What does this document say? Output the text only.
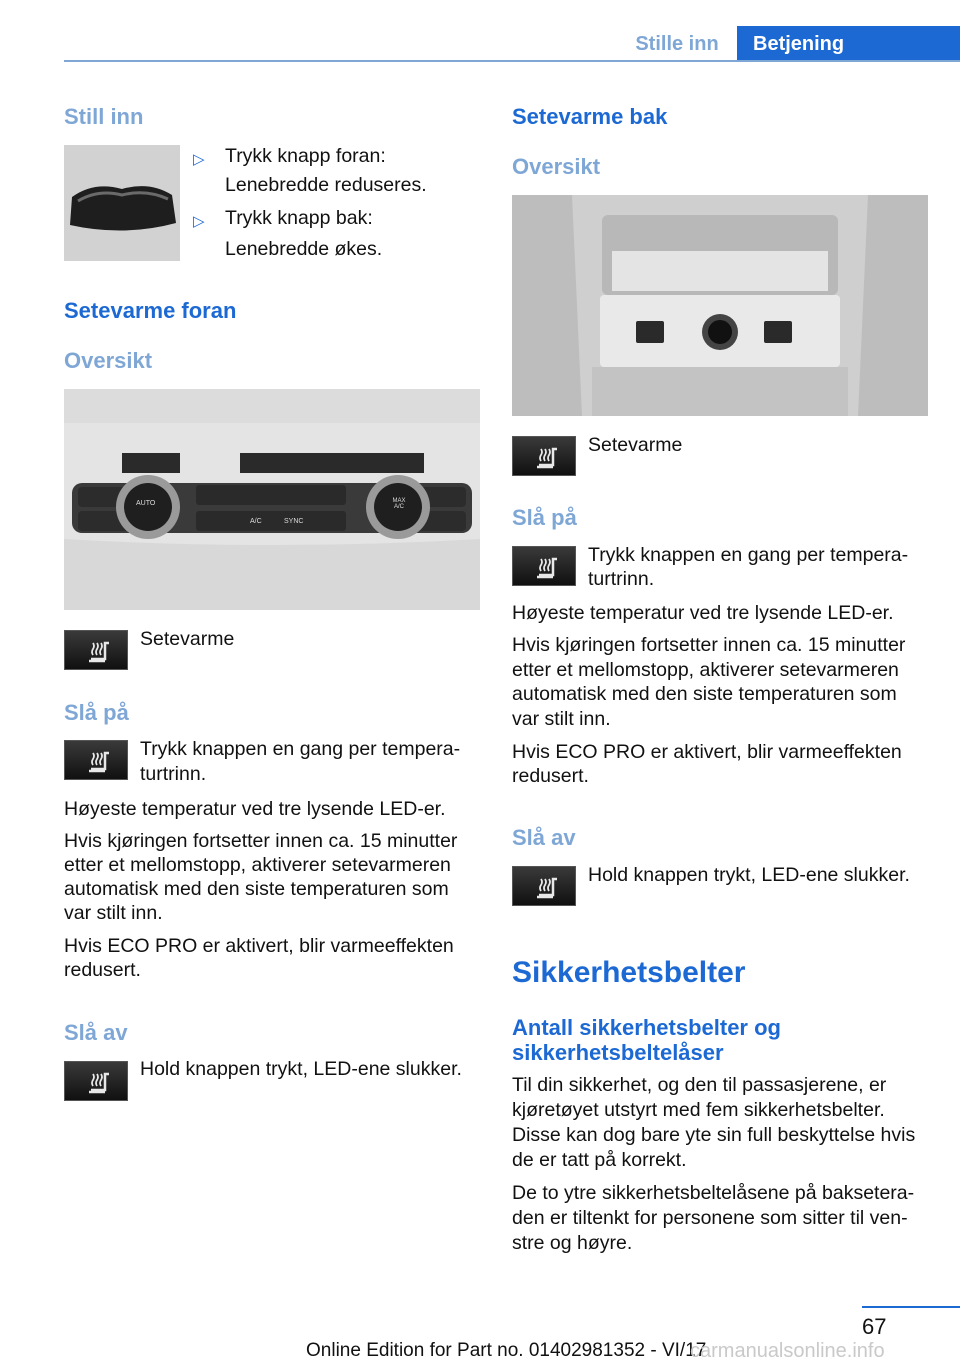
Stille inn	Betjening
Still inn
▷ Trykk knapp foran:
Lenebredde reduseres.
▷ Trykk knapp bak:
Lenebredde økes.
Setevarme foran
Oversikt
AUTO	MAX A/C
A/C	SYNC
Setevarme
Slå på
Trykk knappen en gang per tempera-
turtrinn.
Høyeste temperatur ved tre lysende LED-er.
Hvis kjøringen fortsetter innen ca. 15 minutter
etter et mellomstopp, aktiverer setevarmeren
automatisk med den siste temperaturen som
var stilt inn.
Hvis ECO PRO er aktivert, blir varmeeffekten
redusert.
Slå av
Hold knappen trykt, LED-ene slukker.
Setevarme bak
Oversikt
Setevarme
Slå på
Trykk knappen en gang per tempera-
turtrinn.
Høyeste temperatur ved tre lysende LED-er.
Hvis kjøringen fortsetter innen ca. 15 minutter
etter et mellomstopp, aktiverer setevarmeren
automatisk med den siste temperaturen som
var stilt inn.
Hvis ECO PRO er aktivert, blir varmeeffekten
redusert.
Slå av
Hold knappen trykt, LED-ene slukker.
Sikkerhetsbelter
Antall sikkerhetsbelter og
sikkerhetsbeltelåser
Til din sikkerhet, og den til passasjerene, er
kjøretøyet utstyrt med fem sikkerhetsbelter.
Disse kan dog bare yte sin full beskyttelse hvis
de er tatt på korrekt.
De to ytre sikkerhetsbeltelåsene på baksetera-
den er tiltenkt for personene som sitter til ven-
stre og høyre.
67
Online Edition for Part no. 01402981352 - VI/17
carmanualsonline.info
